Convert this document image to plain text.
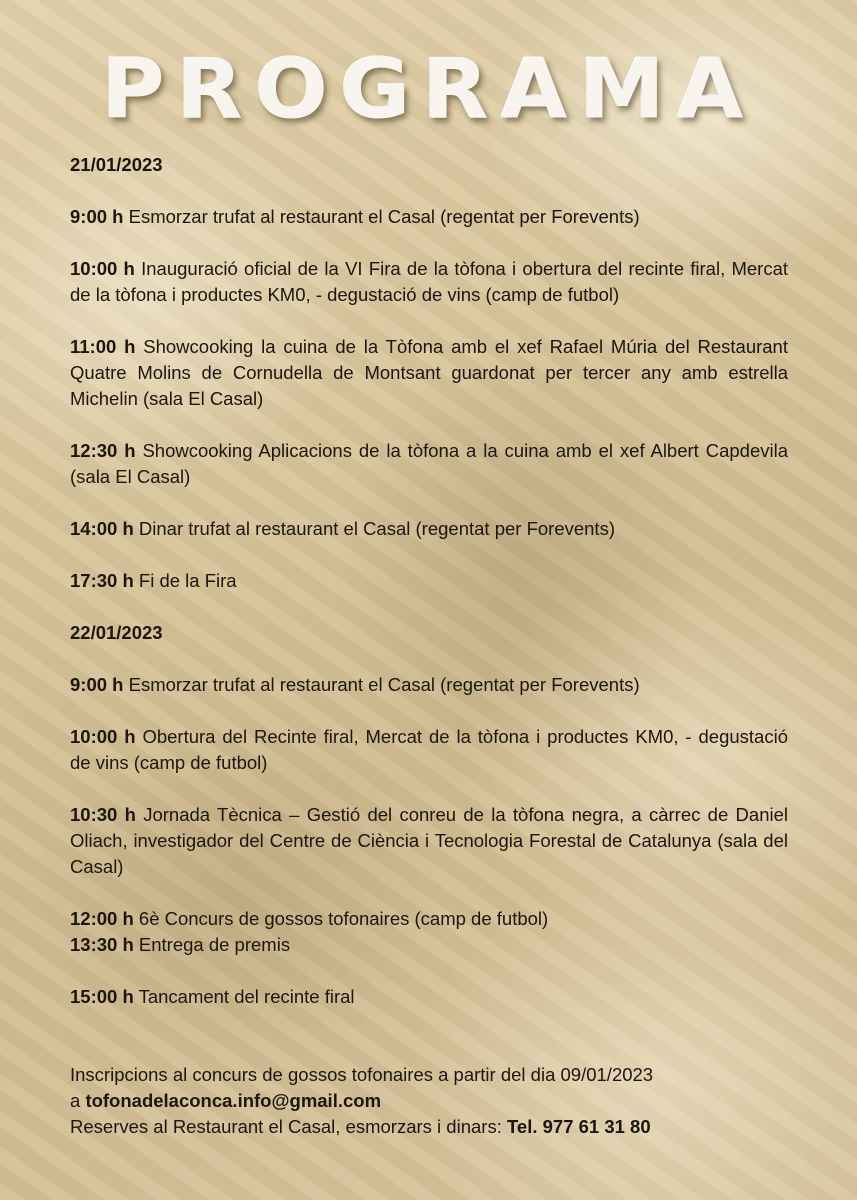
PROGRAMA

21/01/2023

9:00 h Esmorzar trufat al restaurant el Casal (regentat per Forevents)

10:00 h Inauguració oficial de la VI Fira de la tòfona i obertura del recinte firal, Mercat de la tòfona i productes KM0, - degustació de vins (camp de futbol)

11:00 h Showcooking la cuina de la Tòfona amb el xef Rafael Múria del Restaurant Quatre Molins de Cornudella de Montsant guardonat per tercer any amb estrella Michelin (sala El Casal)

12:30 h Showcooking Aplicacions de la tòfona a la cuina amb el xef Albert Capdevila (sala El Casal)

14:00 h Dinar trufat al restaurant el Casal (regentat per Forevents)

17:30 h Fi de la Fira

22/01/2023

9:00 h Esmorzar trufat al restaurant el Casal (regentat per Forevents)

10:00 h Obertura del Recinte firal, Mercat de la tòfona i productes KM0, - degustació de vins (camp de futbol)

10:30 h Jornada Tècnica – Gestió del conreu de la tòfona negra, a càrrec de Daniel Oliach, investigador del Centre de Ciència i Tecnologia Forestal de Catalunya (sala del Casal)

12:00 h 6è Concurs de gossos tofonaires (camp de futbol)

13:30 h Entrega de premis

15:00 h Tancament del recinte firal

Inscripcions al concurs de gossos tofonaires a partir del dia 09/01/2023

a tofonadelaconca.info@gmail.com

Reserves al Restaurant el Casal, esmorzars i dinars: Tel. 977 61 31 80
